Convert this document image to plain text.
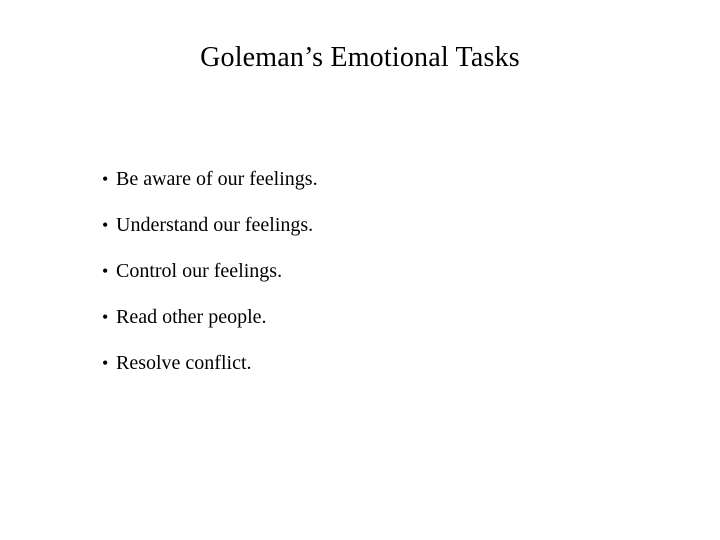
Goleman’s Emotional Tasks
• Be aware of our feelings.
• Understand our feelings.
• Control our feelings.
• Read other people.
• Resolve conflict.
